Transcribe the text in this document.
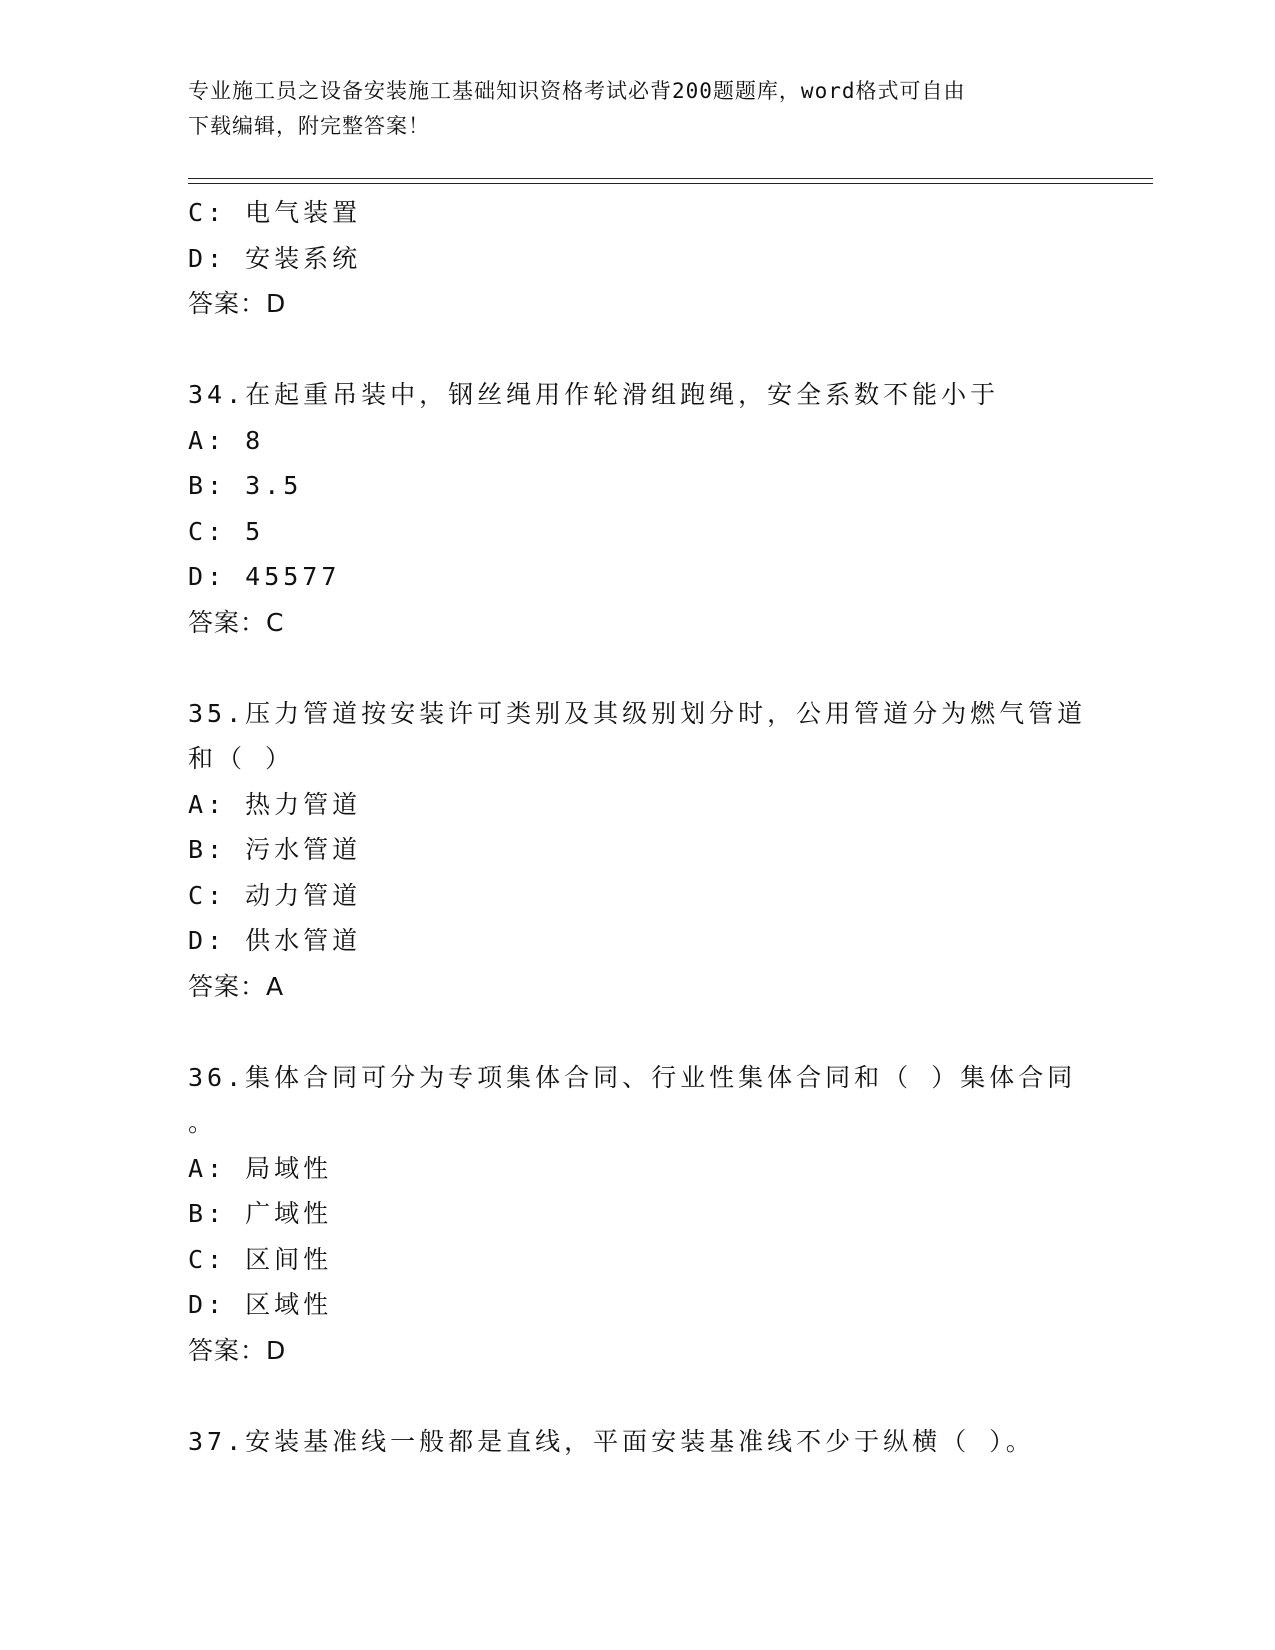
专业施工员之设备安装施工基础知识资格考试必背200题题库，word格式可自由
下载编辑，附完整答案！
C: 电气装置
D: 安装系统
答案：D
34.在起重吊装中，钢丝绳用作轮滑组跑绳，安全系数不能小于
A: 8
B: 3.5
C: 5
D: 45577
答案：C
35.压力管道按安装许可类别及其级别划分时，公用管道分为燃气管道
和（ ）
A: 热力管道
B: 污水管道
C: 动力管道
D: 供水管道
答案：A
36.集体合同可分为专项集体合同、行业性集体合同和（ ）集体合同
。
A: 局域性
B: 广域性
C: 区间性
D: 区域性
答案：D
37.安装基准线一般都是直线，平面安装基准线不少于纵横（ ）。
